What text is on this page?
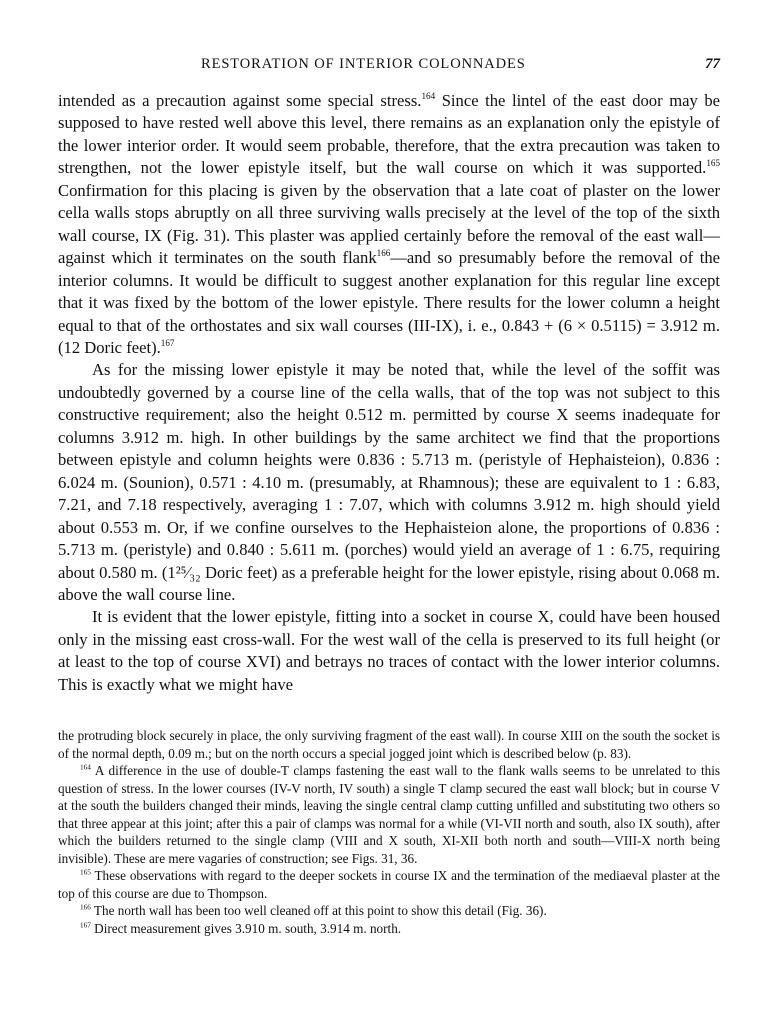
RESTORATION OF INTERIOR COLONNADES	77

intended as a precaution against some special stress.$^{164}$ Since the lintel of the east door may be supposed to have rested well above this level, there remains as an explanation only the epistyle of the lower interior order. It would seem probable, therefore, that the extra precaution was taken to strengthen, not the lower epistyle itself, but the wall course on which it was supported.$^{165}$ Confirmation for this placing is given by the observation that a late coat of plaster on the lower cella walls stops abruptly on all three surviving walls precisely at the level of the top of the sixth wall course, IX (Fig. 31). This plaster was applied certainly before the removal of the east wall—against which it terminates on the south flank$^{166}$—and so presumably before the removal of the interior columns. It would be difficult to suggest another explanation for this regular line except that it was fixed by the bottom of the lower epistyle. There results for the lower column a height equal to that of the orthostates and six wall courses (III-IX), i. e., 0.843 + (6 × 0.5115) = 3.912 m. (12 Doric feet).$^{167}$

As for the missing lower epistyle it may be noted that, while the level of the soffit was undoubtedly governed by a course line of the cella walls, that of the top was not subject to this constructive requirement; also the height 0.512 m. permitted by course X seems inadequate for columns 3.912 m. high. In other buildings by the same architect we find that the proportions between epistyle and column heights were 0.836 : 5.713 m. (peristyle of Hephaisteion), 0.836 : 6.024 m. (Sounion), 0.571 : 4.10 m. (presumably, at Rhamnous); these are equivalent to 1 : 6.83, 7.21, and 7.18 respectively, averaging 1 : 7.07, which with columns 3.912 m. high should yield about 0.553 m. Or, if we confine ourselves to the Hephaisteion alone, the proportions of 0.836 : 5.713 m. (peristyle) and 0.840 : 5.611 m. (porches) would yield an average of 1 : 6.75, requiring about 0.580 m. (1²⁵⁄₃₂ Doric feet) as a preferable height for the lower epistyle, rising about 0.068 m. above the wall course line.

It is evident that the lower epistyle, fitting into a socket in course X, could have been housed only in the missing east cross-wall. For the west wall of the cella is preserved to its full height (or at least to the top of course XVI) and betrays no traces of contact with the lower interior columns. This is exactly what we might have

the protruding block securely in place, the only surviving fragment of the east wall). In course XIII on the south the socket is of the normal depth, 0.09 m.; but on the north occurs a special jogged joint which is described below (p. 83).

$^{164}$ A difference in the use of double-T clamps fastening the east wall to the flank walls seems to be unrelated to this question of stress. In the lower courses (IV-V north, IV south) a single T clamp secured the east wall block; but in course V at the south the builders changed their minds, leaving the single central clamp cutting unfilled and substituting two others so that three appear at this joint; after this a pair of clamps was normal for a while (VI-VII north and south, also IX south), after which the builders returned to the single clamp (VIII and X south, XI-XII both north and south—VIII-X north being invisible). These are mere vagaries of construction; see Figs. 31, 36.

$^{165}$ These observations with regard to the deeper sockets in course IX and the termination of the mediaeval plaster at the top of this course are due to Thompson.

$^{166}$ The north wall has been too well cleaned off at this point to show this detail (Fig. 36).

$^{167}$ Direct measurement gives 3.910 m. south, 3.914 m. north.
